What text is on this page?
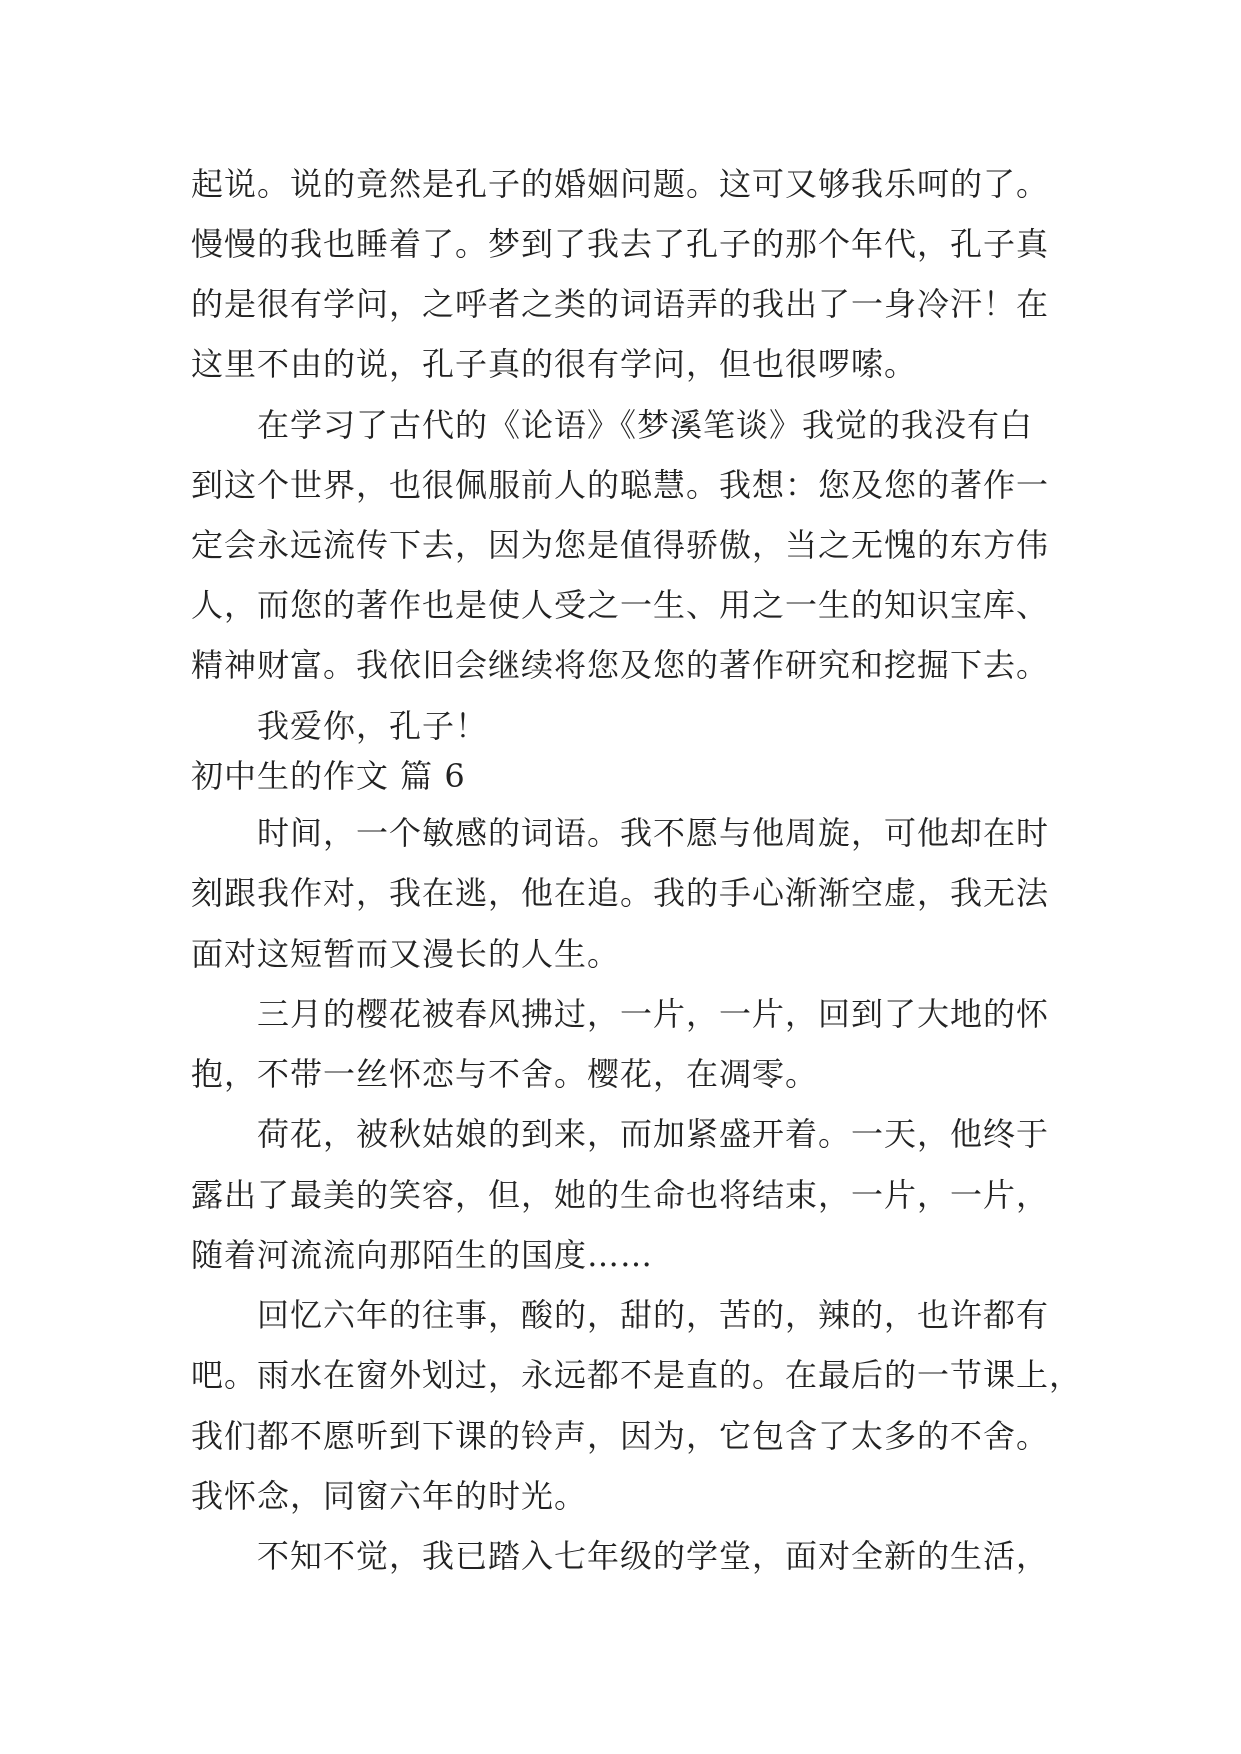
起说。说的竟然是孔子的婚姻问题。这可又够我乐呵的了。
慢慢的我也睡着了。梦到了我去了孔子的那个年代，孔子真
的是很有学问，之呼者之类的词语弄的我出了一身冷汗！在
这里不由的说，孔子真的很有学问，但也很啰嗦。
在学习了古代的《论语》《梦溪笔谈》我觉的我没有白
到这个世界，也很佩服前人的聪慧。我想：您及您的著作一
定会永远流传下去，因为您是值得骄傲，当之无愧的东方伟
人，而您的著作也是使人受之一生、用之一生的知识宝库、
精神财富。我依旧会继续将您及您的著作研究和挖掘下去。
我爱你，孔子！
初中生的作文 篇 6
时间，一个敏感的词语。我不愿与他周旋，可他却在时
刻跟我作对，我在逃，他在追。我的手心渐渐空虚，我无法
面对这短暂而又漫长的人生。
三月的樱花被春风拂过，一片，一片，回到了大地的怀
抱，不带一丝怀恋与不舍。樱花，在凋零。
荷花，被秋姑娘的到来，而加紧盛开着。一天，他终于
露出了最美的笑容，但，她的生命也将结束，一片，一片，
随着河流流向那陌生的国度……
回忆六年的往事，酸的，甜的，苦的，辣的，也许都有
吧。雨水在窗外划过，永远都不是直的。在最后的一节课上，
我们都不愿听到下课的铃声，因为，它包含了太多的不舍。
我怀念，同窗六年的时光。
不知不觉，我已踏入七年级的学堂，面对全新的生活，
